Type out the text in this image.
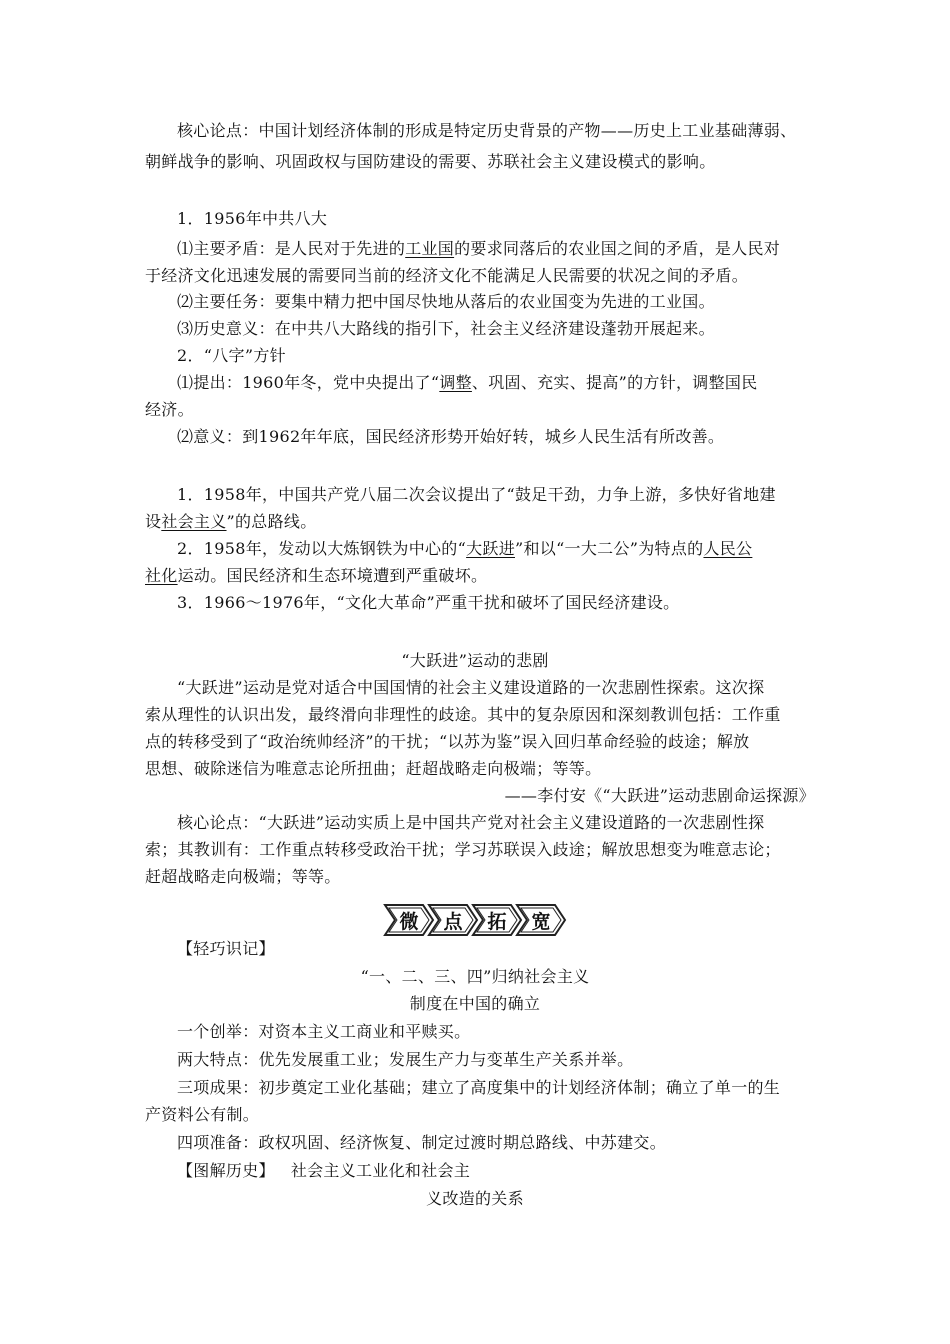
核心论点：中国计划经济体制的形成是特定历史背景的产物——历史上工业基础薄弱、
朝鲜战争的影响、巩固政权与国防建设的需要、苏联社会主义建设模式的影响。
1．1956年中共八大
⑴主要矛盾：是人民对于先进的工业国的要求同落后的农业国之间的矛盾，是人民对
于经济文化迅速发展的需要同当前的经济文化不能满足人民需要的状况之间的矛盾。
⑵主要任务：要集中精力把中国尽快地从落后的农业国变为先进的工业国。
⑶历史意义：在中共八大路线的指引下，社会主义经济建设蓬勃开展起来。
2．“八字”方针
⑴提出：1960年冬，党中央提出了“调整、巩固、充实、提高”的方针，调整国民
经济。
⑵意义：到1962年年底，国民经济形势开始好转，城乡人民生活有所改善。
1．1958年，中国共产党八届二次会议提出了“鼓足干劲，力争上游，多快好省地建
设社会主义”的总路线。
2．1958年，发动以大炼钢铁为中心的“大跃进”和以“一大二公”为特点的人民公
社化运动。国民经济和生态环境遭到严重破坏。
3．1966～1976年，“文化大革命”严重干扰和破坏了国民经济建设。
“大跃进”运动的悲剧
“大跃进”运动是党对适合中国国情的社会主义建设道路的一次悲剧性探索。这次探
索从理性的认识出发，最终滑向非理性的歧途。其中的复杂原因和深刻教训包括：工作重
点的转移受到了“政治统帅经济”的干扰；“以苏为鉴”误入回归革命经验的歧途；解放
思想、破除迷信为唯意志论所扭曲；赶超战略走向极端；等等。
——李付安《“大跃进”运动悲剧命运探源》
核心论点：“大跃进”运动实质上是中国共产党对社会主义建设道路的一次悲剧性探
索；其教训有：工作重点转移受政治干扰；学习苏联误入歧途；解放思想变为唯意志论；
赶超战略走向极端；等等。
微	点	拓	宽
【轻巧识记】
“一、二、三、四”归纳社会主义
制度在中国的确立
一个创举：对资本主义工商业和平赎买。
两大特点：优先发展重工业；发展生产力与变革生产关系并举。
三项成果：初步奠定工业化基础；建立了高度集中的计划经济体制；确立了单一的生
产资料公有制。
四项准备：政权巩固、经济恢复、制定过渡时期总路线、中苏建交。
【图解历史】 社会主义工业化和社会主
义改造的关系
